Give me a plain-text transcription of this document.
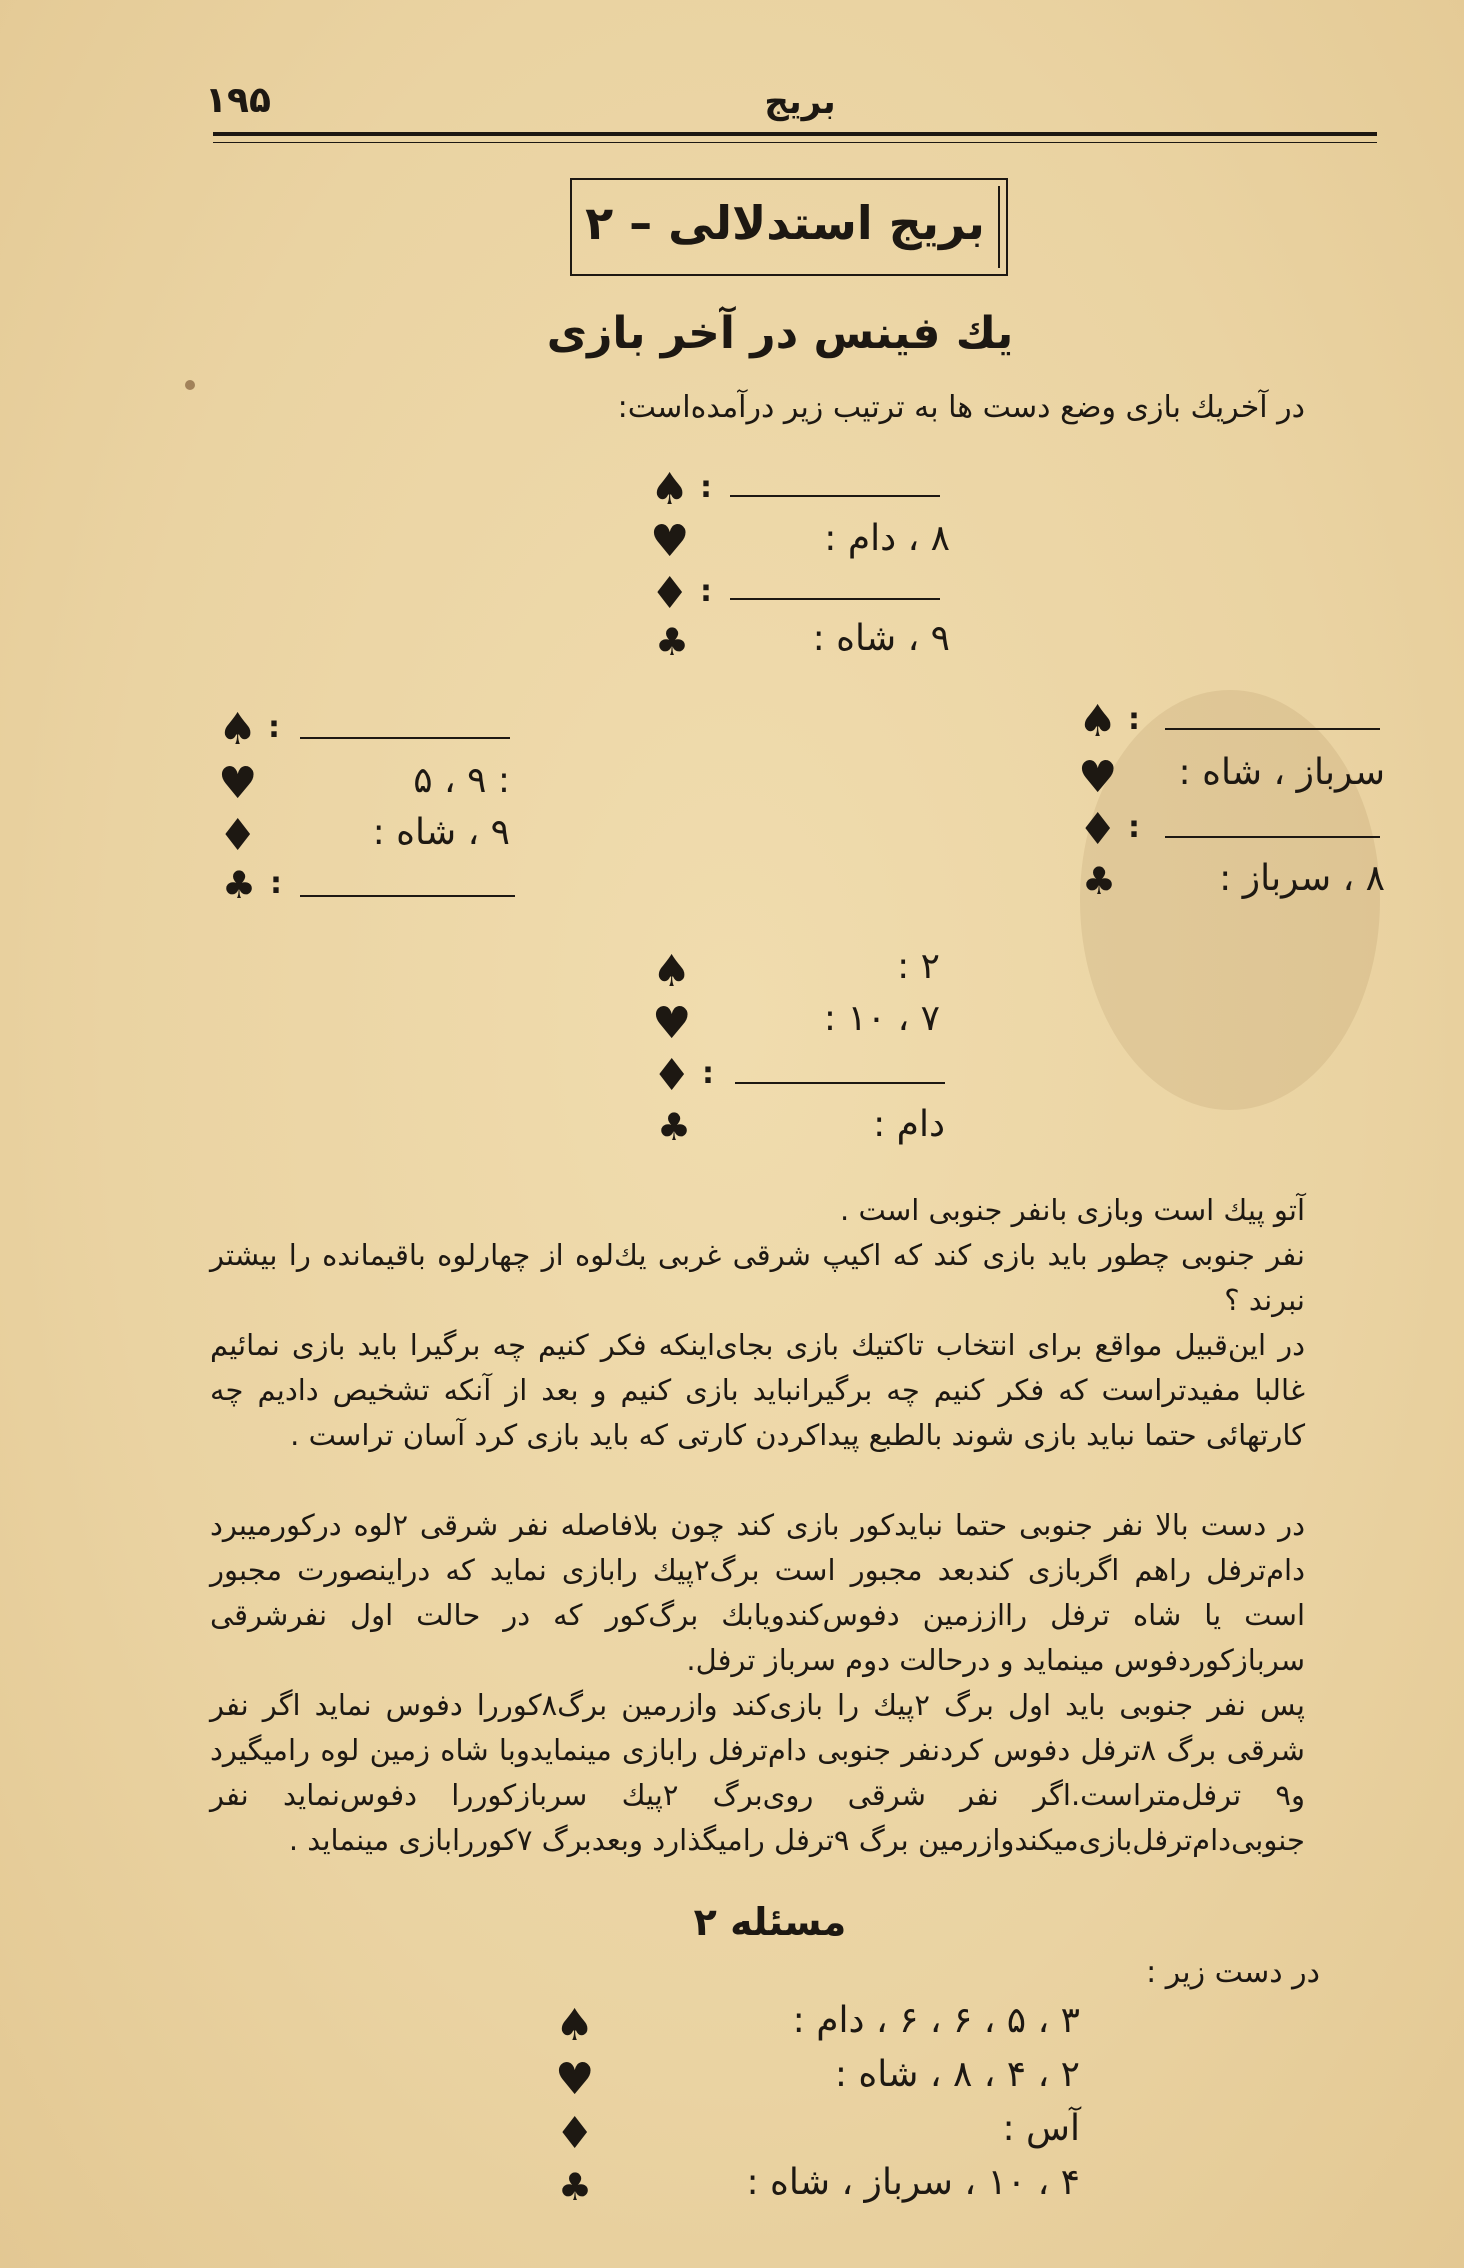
۱۹۵	بریج
بریج استدلالی – ۲
یك فینس در آخر بازی
در آخریك بازی وضع دست ها به ترتیب زیر درآمده‌است:
♠ :
♥	۸ ، دام :
♦ :
♣	۹ ، شاه :
♠ :
♥	: ۹ ، ۵
♦	۹ ، شاه :
♣ :
♠ :
♥	سرباز ، شاه :
♦ :
♣	۸ ، سرباز :
♠	۲ :
♥	۷ ، ۱۰ :
♦ :
♣	دام :
آتو پیك است وبازی بانفر جنوبی است .
نفر جنوبی چطور باید بازی کند که اکیپ شرقی غربی یك‌لوه از چهارلوه باقیمانده را بیشتر نبرند ؟
در این‌قبیل مواقع برای انتخاب تاکتیك بازی بجای‌اینکه فکر کنیم چه برگیرا باید بازی نمائیم غالبا مفیدتراست که فکر کنیم چه برگیرانباید بازی کنیم و بعد از آنکه تشخیص دادیم چه کارتهائی حتما نباید بازی شوند بالطبع پیداکردن کارتی که باید بازی کرد آسان تراست .
در دست بالا نفر جنوبی حتما نبایدکور بازی کند چون بلافاصله نفر شرقی ۲لوه درکورمیبرد دام‌ترفل راهم اگربازی کندبعد مجبور است برگ‌۲پیك رابازی نماید که دراینصورت مجبور است یا شاه ترفل رااززمین دفوس‌کندویابك برگ‌کور که در حالت اول نفرشرقی سربازکوردفوس مینماید و درحالت دوم سرباز ترفل.
پس نفر جنوبی باید اول برگ ۲پیك را بازی‌کند وازرمین برگ‌۸کوررا دفوس نماید اگر نفر شرقی برگ ۸ترفل دفوس کردنفر جنوبی دام‌ترفل رابازی مینمایدوبا شاه زمین لوه رامیگیرد و۹ ترفل‌متراست.اگر نفر شرقی روی‌برگ ۲پیك سربازکوررا دفوس‌نماید نفر جنوبی‌دام‌ترفل‌بازی‌میکندوازرمین برگ ۹ترفل رامیگذارد وبعدبرگ ۷کوررابازی مینماید .
مسئله ۲
در دست زیر :
♠	۳ ، ۵ ، ۶ ، ۶ ، دام :
♥	۲ ، ۴ ، ۸ ، شاه :
♦	آس :
♣	۴ ، ۱۰ ، سرباز ، شاه :
